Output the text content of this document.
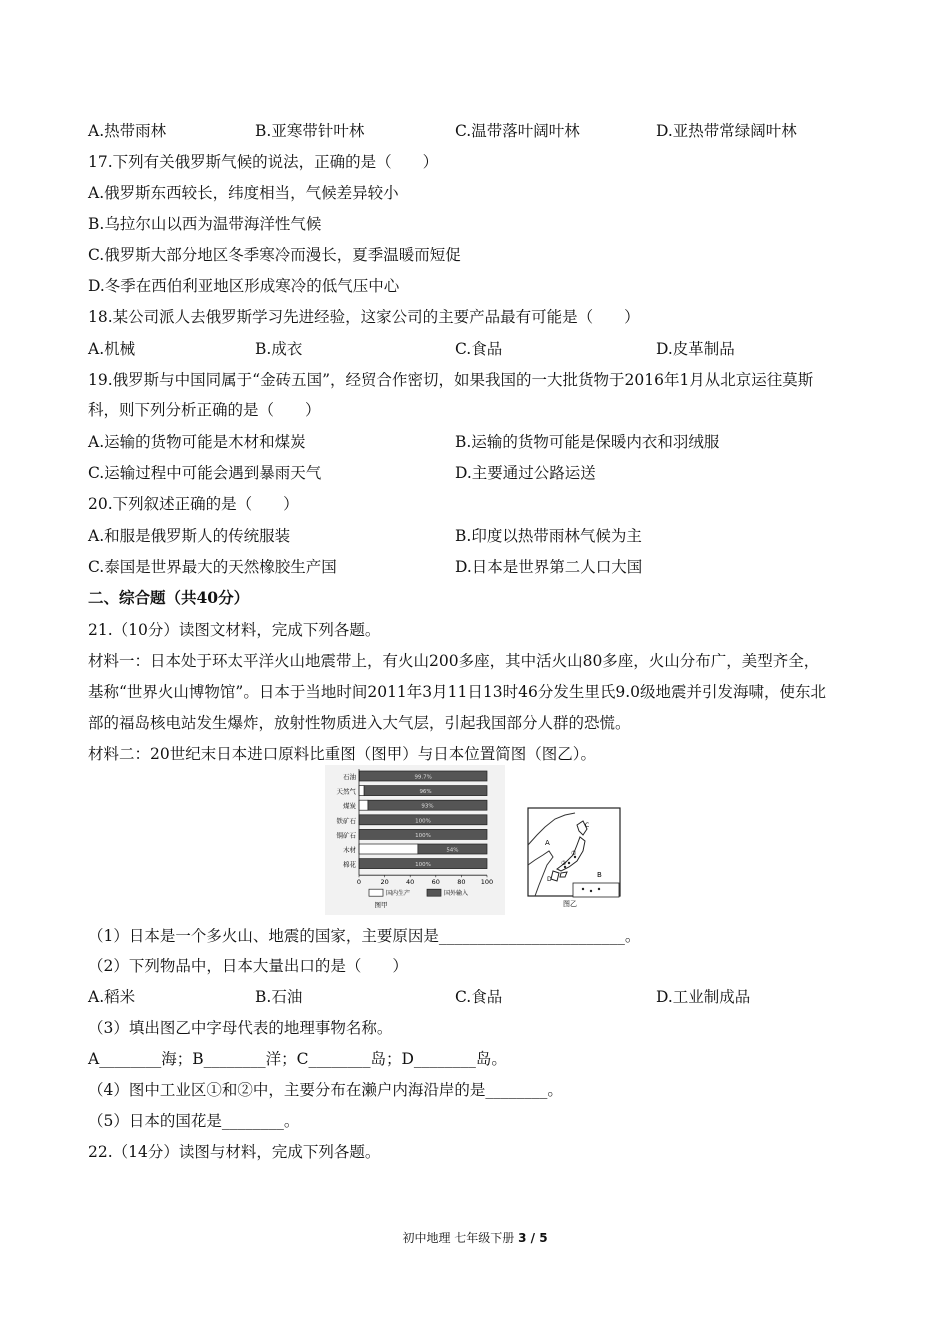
A.热带雨林	B.亚寒带针叶林	C.温带落叶阔叶林	D.亚热带常绿阔叶林
17.下列有关俄罗斯气候的说法，正确的是（　　）
A.俄罗斯东西较长，纬度相当，气候差异较小
B.乌拉尔山以西为温带海洋性气候
C.俄罗斯大部分地区冬季寒冷而漫长，夏季温暖而短促
D.冬季在西伯利亚地区形成寒冷的低气压中心
18.某公司派人去俄罗斯学习先进经验，这家公司的主要产品最有可能是（　　）
A.机械	B.成衣	C.食品	D.皮革制品
19.俄罗斯与中国同属于“金砖五国”，经贸合作密切，如果我国的一大批货物于2016年1月从北京运往莫斯
科，则下列分析正确的是（　　）
A.运输的货物可能是木材和煤炭	B.运输的货物可能是保暖内衣和羽绒服
C.运输过程中可能会遇到暴雨天气	D.主要通过公路运送
20.下列叙述正确的是（　　）
A.和服是俄罗斯人的传统服装	B.印度以热带雨林气候为主
C.泰国是世界最大的天然橡胶生产国	D.日本是世界第二人口大国
二、综合题（共40分）
21.（10分）读图文材料，完成下列各题。
材料一：日本处于环太平洋火山地震带上，有火山200多座，其中活火山80多座，火山分布广，美型齐全，
基称“世界火山博物馆”。日本于当地时间2011年3月11日13时46分发生里氏9.0级地震并引发海啸，使东北
部的福岛核电站发生爆炸，放射性物质进入大气层，引起我国部分人群的恐慌。
材料二：20世纪末日本进口原料比重图（图甲）与日本位置简图（图乙）。
石油	99.7%
天然气	96%
煤炭	93%
铁矿石	100%
铜矿石	100%
木材	54%
棉花	100%
0	20	40	60	80 100
国内生产	国外输入
图甲
A
B
C
D
①
②
图乙
（1）日本是一个多火山、地震的国家，主要原因是________________________。
（2）下列物品中，日本大量出口的是（　　）
A.稻米	B.石油	C.食品	D.工业制成品
（3）填出图乙中字母代表的地理事物名称。
A________海；B________洋；C________岛；D________岛。
（4）图中工业区①和②中，主要分布在濑户内海沿岸的是________。
（5）日本的国花是________。
22.（14分）读图与材料，完成下列各题。
初中地理 七年级下册 3 / 5
